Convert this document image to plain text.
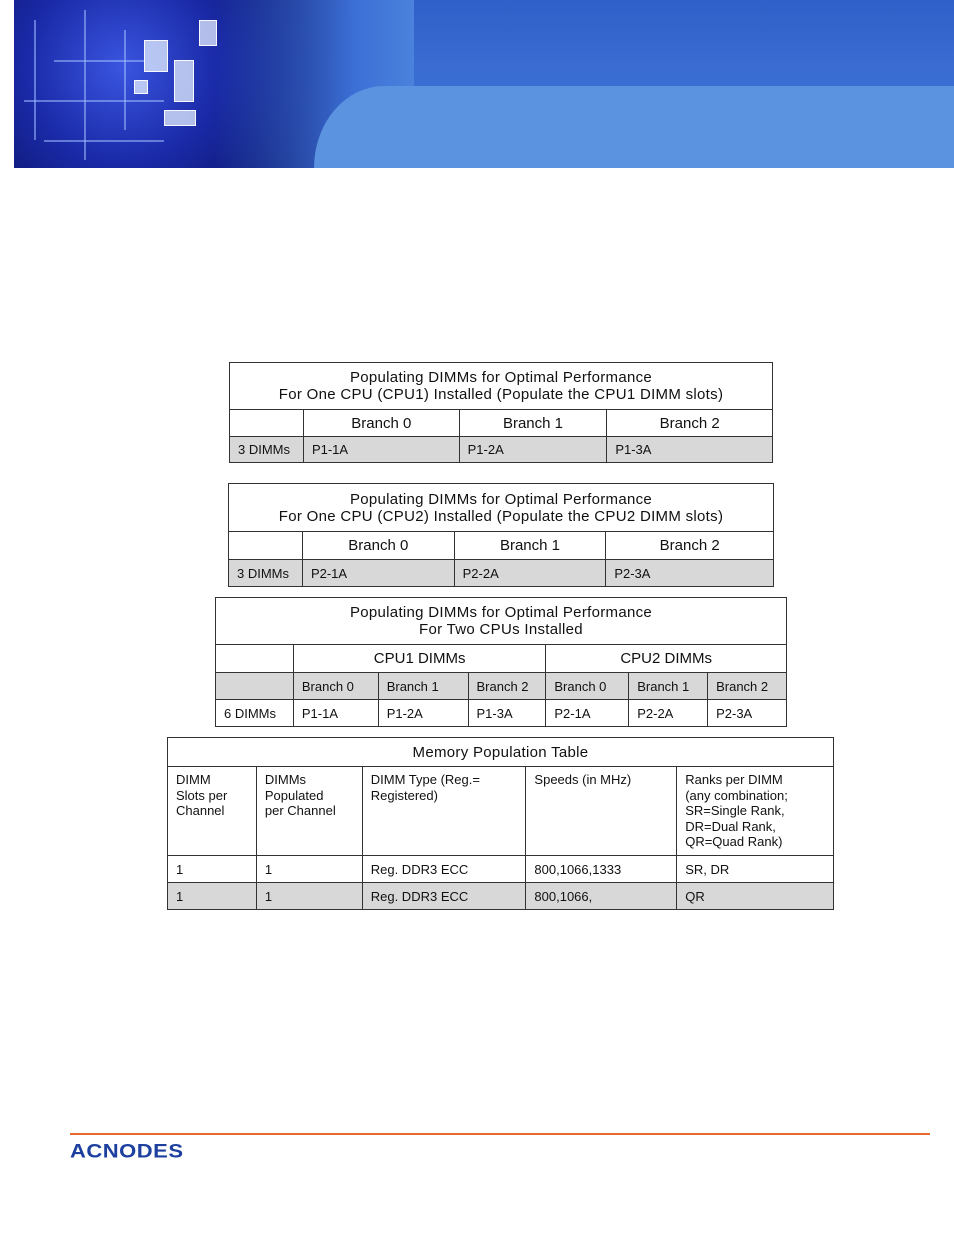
Populating DIMMs for Optimal Performance
For One CPU (CPU1) Installed (Populate the CPU1 DIMM slots)			

	Branch 0	Branch 1	Branch 2
3 DIMMs	P1-1A	P1-2A	P1-3A
Populating DIMMs for Optimal Performance
For One CPU (CPU2) Installed (Populate the CPU2 DIMM slots)			

	Branch 0	Branch 1	Branch 2
3 DIMMs	P2-1A	P2-2A	P2-3A
Populating DIMMs for Optimal Performance
For Two CPUs Installed						

	CPU1 DIMMs			CPU2 DIMMs		
	Branch 0	Branch 1	Branch 2	Branch 0	Branch 1	Branch 2
6 DIMMs	P1-1A	P1-2A	P1-3A	P2-1A	P2-2A	P2-3A
Memory Population Table				

DIMM
Slots per
Channel	DIMMs
Populated
per Channel	DIMM Type (Reg.=
Registered)	Speeds (in MHz)	Ranks per DIMM
(any combination;
SR=Single Rank,
DR=Dual Rank,
QR=Quad Rank)

1	1	Reg. DDR3 ECC	800,1066,1333	SR, DR
1	1	Reg. DDR3 ECC	800,1066,	QR
ACNODES
